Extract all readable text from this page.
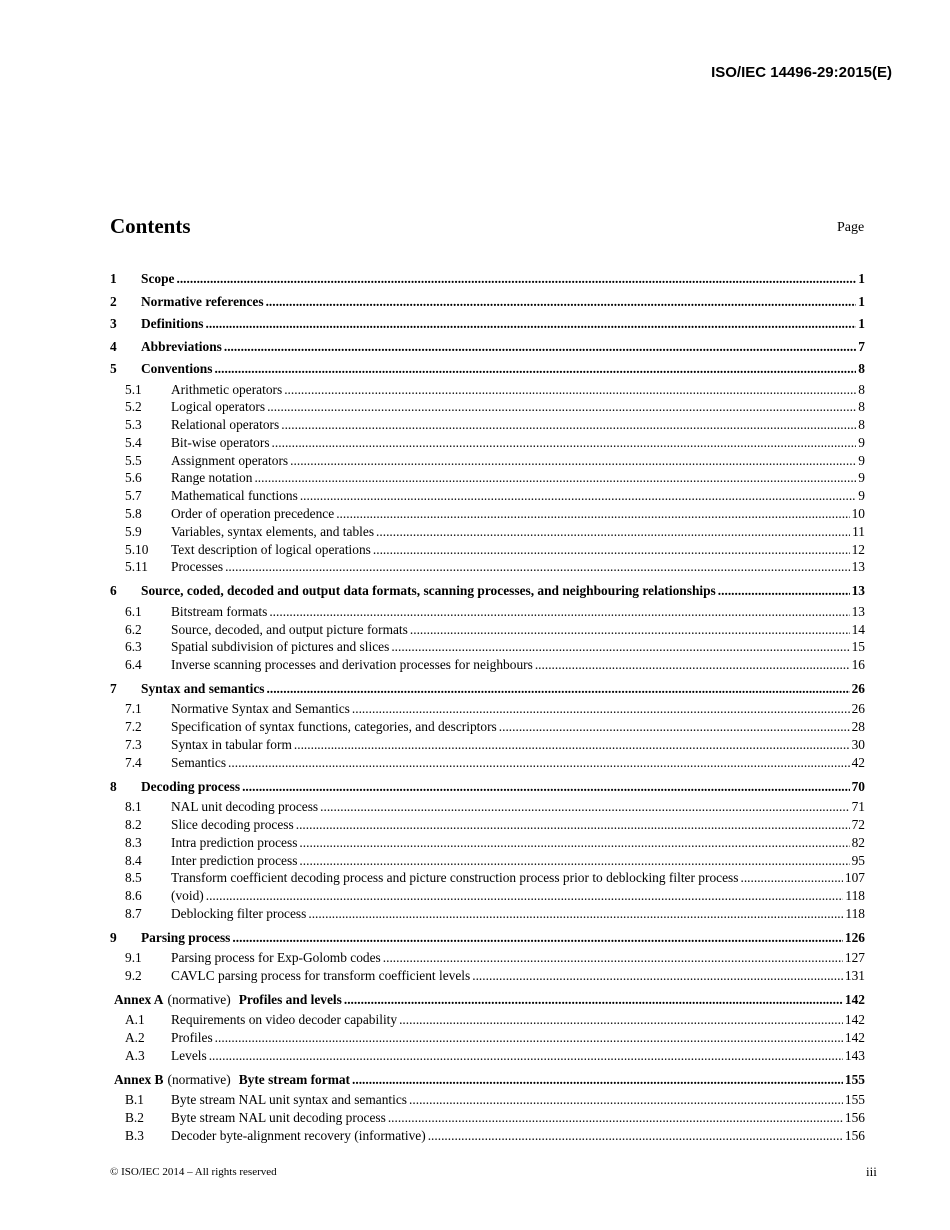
ISO/IEC 14496-29:2015(E)
Contents	Page
1	Scope .....	1
2	Normative references .....	1
3	Definitions .....	1
4	Abbreviations .....	7
5	Conventions .....	8
5.1	Arithmetic operators .....	8
5.2	Logical operators .....	8
5.3	Relational operators .....	8
5.4	Bit-wise operators .....	9
5.5	Assignment operators .....	9
5.6	Range notation .....	9
5.7	Mathematical functions .....	9
5.8	Order of operation precedence .....	10
5.9	Variables, syntax elements, and tables .....	11
5.10	Text description of logical operations .....	12
5.11	Processes .....	13
6	Source, coded, decoded and output data formats, scanning processes, and neighbouring relationships .....	13
6.1	Bitstream formats .....	13
6.2	Source, decoded, and output picture formats .....	14
6.3	Spatial subdivision of pictures and slices .....	15
6.4	Inverse scanning processes and derivation processes for neighbours .....	16
7	Syntax and semantics .....	26
7.1	Normative Syntax and Semantics .....	26
7.2	Specification of syntax functions, categories, and descriptors .....	28
7.3	Syntax in tabular form .....	30
7.4	Semantics .....	42
8	Decoding process .....	70
8.1	NAL unit decoding process .....	71
8.2	Slice decoding process .....	72
8.3	Intra prediction process .....	82
8.4	Inter prediction process .....	95
8.5	Transform coefficient decoding process and picture construction process prior to deblocking filter process .....	107
8.6	(void) .....	118
8.7	Deblocking filter process .....	118
9	Parsing process .....	126
9.1	Parsing process for Exp-Golomb codes .....	127
9.2	CAVLC parsing process for transform coefficient levels .....	131
Annex A (normative) Profiles and levels .....	142
A.1	Requirements on video decoder capability .....	142
A.2	Profiles .....	142
A.3	Levels .....	143
Annex B (normative) Byte stream format .....	155
B.1	Byte stream NAL unit syntax and semantics .....	155
B.2	Byte stream NAL unit decoding process .....	156
B.3	Decoder byte-alignment recovery (informative) .....	156
© ISO/IEC 2014 – All rights reserved	iii
